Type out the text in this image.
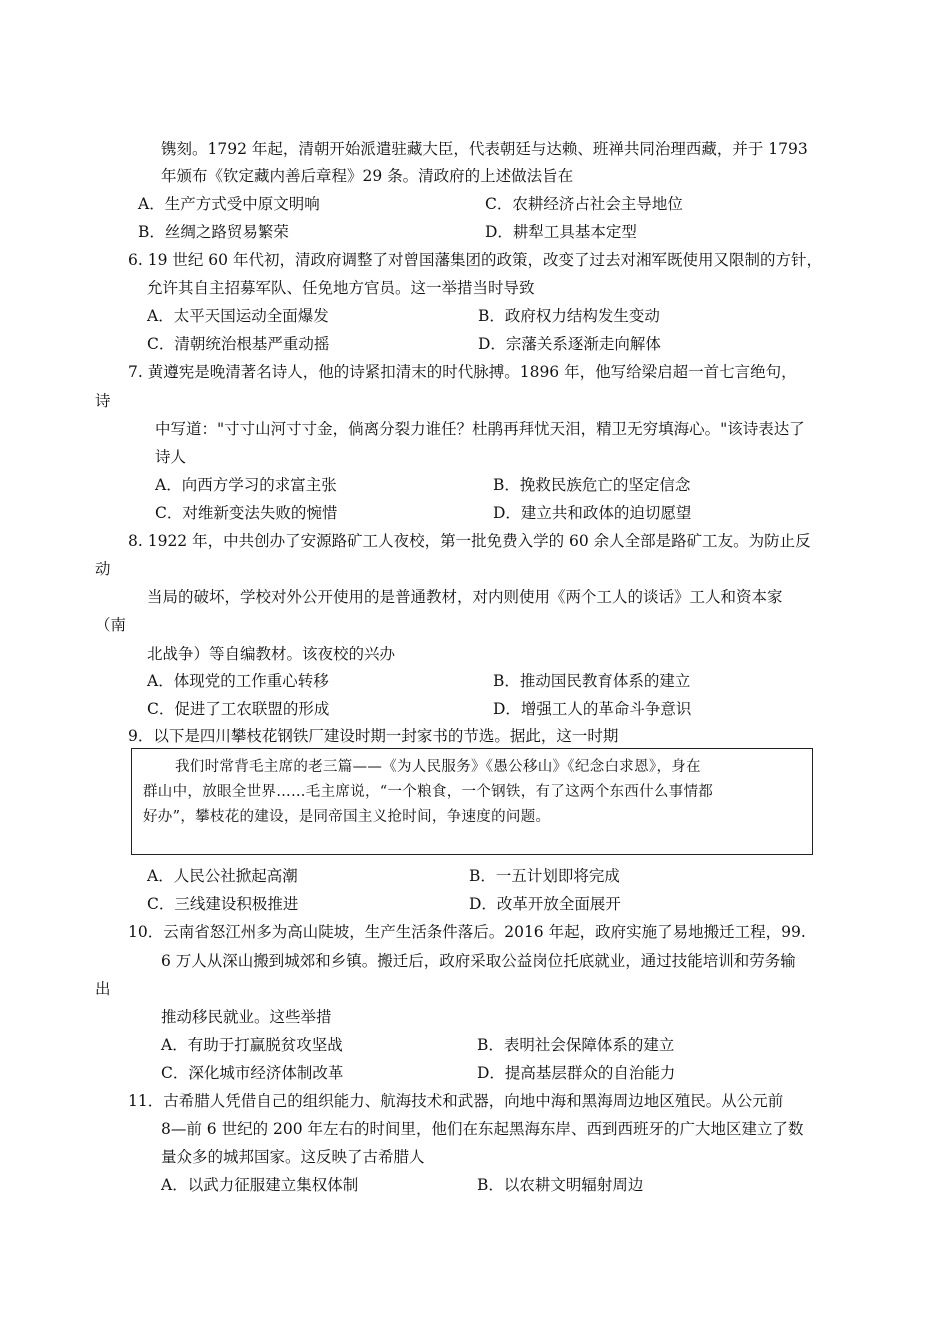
镌刻。1792 年起，清朝开始派遣驻藏大臣，代表朝廷与达赖、班禅共同治理西藏，并于 1793
年颁布《钦定藏内善后章程》29 条。清政府的上述做法旨在
A．生产方式受中原文明响	C．农耕经济占社会主导地位
B．丝绸之路贸易繁荣	D．耕犁工具基本定型
6. 19 世纪 60 年代初，清政府调整了对曾国藩集团的政策，改变了过去对湘军既使用又限制的方针，
允许其自主招募军队、任免地方官员。这一举措当时导致
A．太平天国运动全面爆发	B．政府权力结构发生变动
C．清朝统治根基严重动摇	D．宗藩关系逐渐走向解体
7. 黄遵宪是晚清著名诗人，他的诗紧扣清末的时代脉搏。1896 年，他写给梁启超一首七言绝句，
诗
中写道："寸寸山河寸寸金，倘离分裂力谁任？杜鹃再拜忧天泪，精卫无穷填海心。"该诗表达了
诗人
A．向西方学习的求富主张	B．挽救民族危亡的坚定信念
C．对维新变法失败的惋惜	D．建立共和政体的迫切愿望
8. 1922 年，中共创办了安源路矿工人夜校，第一批免费入学的 60 余人全部是路矿工友。为防止反
动
当局的破坏，学校对外公开使用的是普通教材，对内则使用《两个工人的谈话》工人和资本家
（南
北战争）等自编教材。该夜校的兴办
A．体现党的工作重心转移	B．推动国民教育体系的建立
C．促进了工农联盟的形成	D．增强工人的革命斗争意识
9．以下是四川攀枝花钢铁厂建设时期一封家书的节选。据此，这一时期
我们时常背毛主席的老三篇——《为人民服务》《愚公移山》《纪念白求恩》，身在
群山中，放眼全世界……毛主席说，“一个粮食，一个钢铁，有了这两个东西什么事情都
好办”，攀枝花的建设，是同帝国主义抢时间，争速度的问题。
A．人民公社掀起高潮	B．一五计划即将完成
C．三线建设积极推进	D．改革开放全面展开
10．云南省怒江州多为高山陡坡，生产生活条件落后。2016 年起，政府实施了易地搬迁工程，99.
6 万人从深山搬到城郊和乡镇。搬迁后，政府采取公益岗位托底就业，通过技能培训和劳务输
出
推动移民就业。这些举措
A．有助于打赢脱贫攻坚战	B．表明社会保障体系的建立
C．深化城市经济体制改革	D．提高基层群众的自治能力
11．古希腊人凭借自己的组织能力、航海技术和武器，向地中海和黑海周边地区殖民。从公元前
8—前 6 世纪的 200 年左右的时间里，他们在东起黑海东岸、西到西班牙的广大地区建立了数
量众多的城邦国家。这反映了古希腊人
A．以武力征服建立集权体制	B．以农耕文明辐射周边
